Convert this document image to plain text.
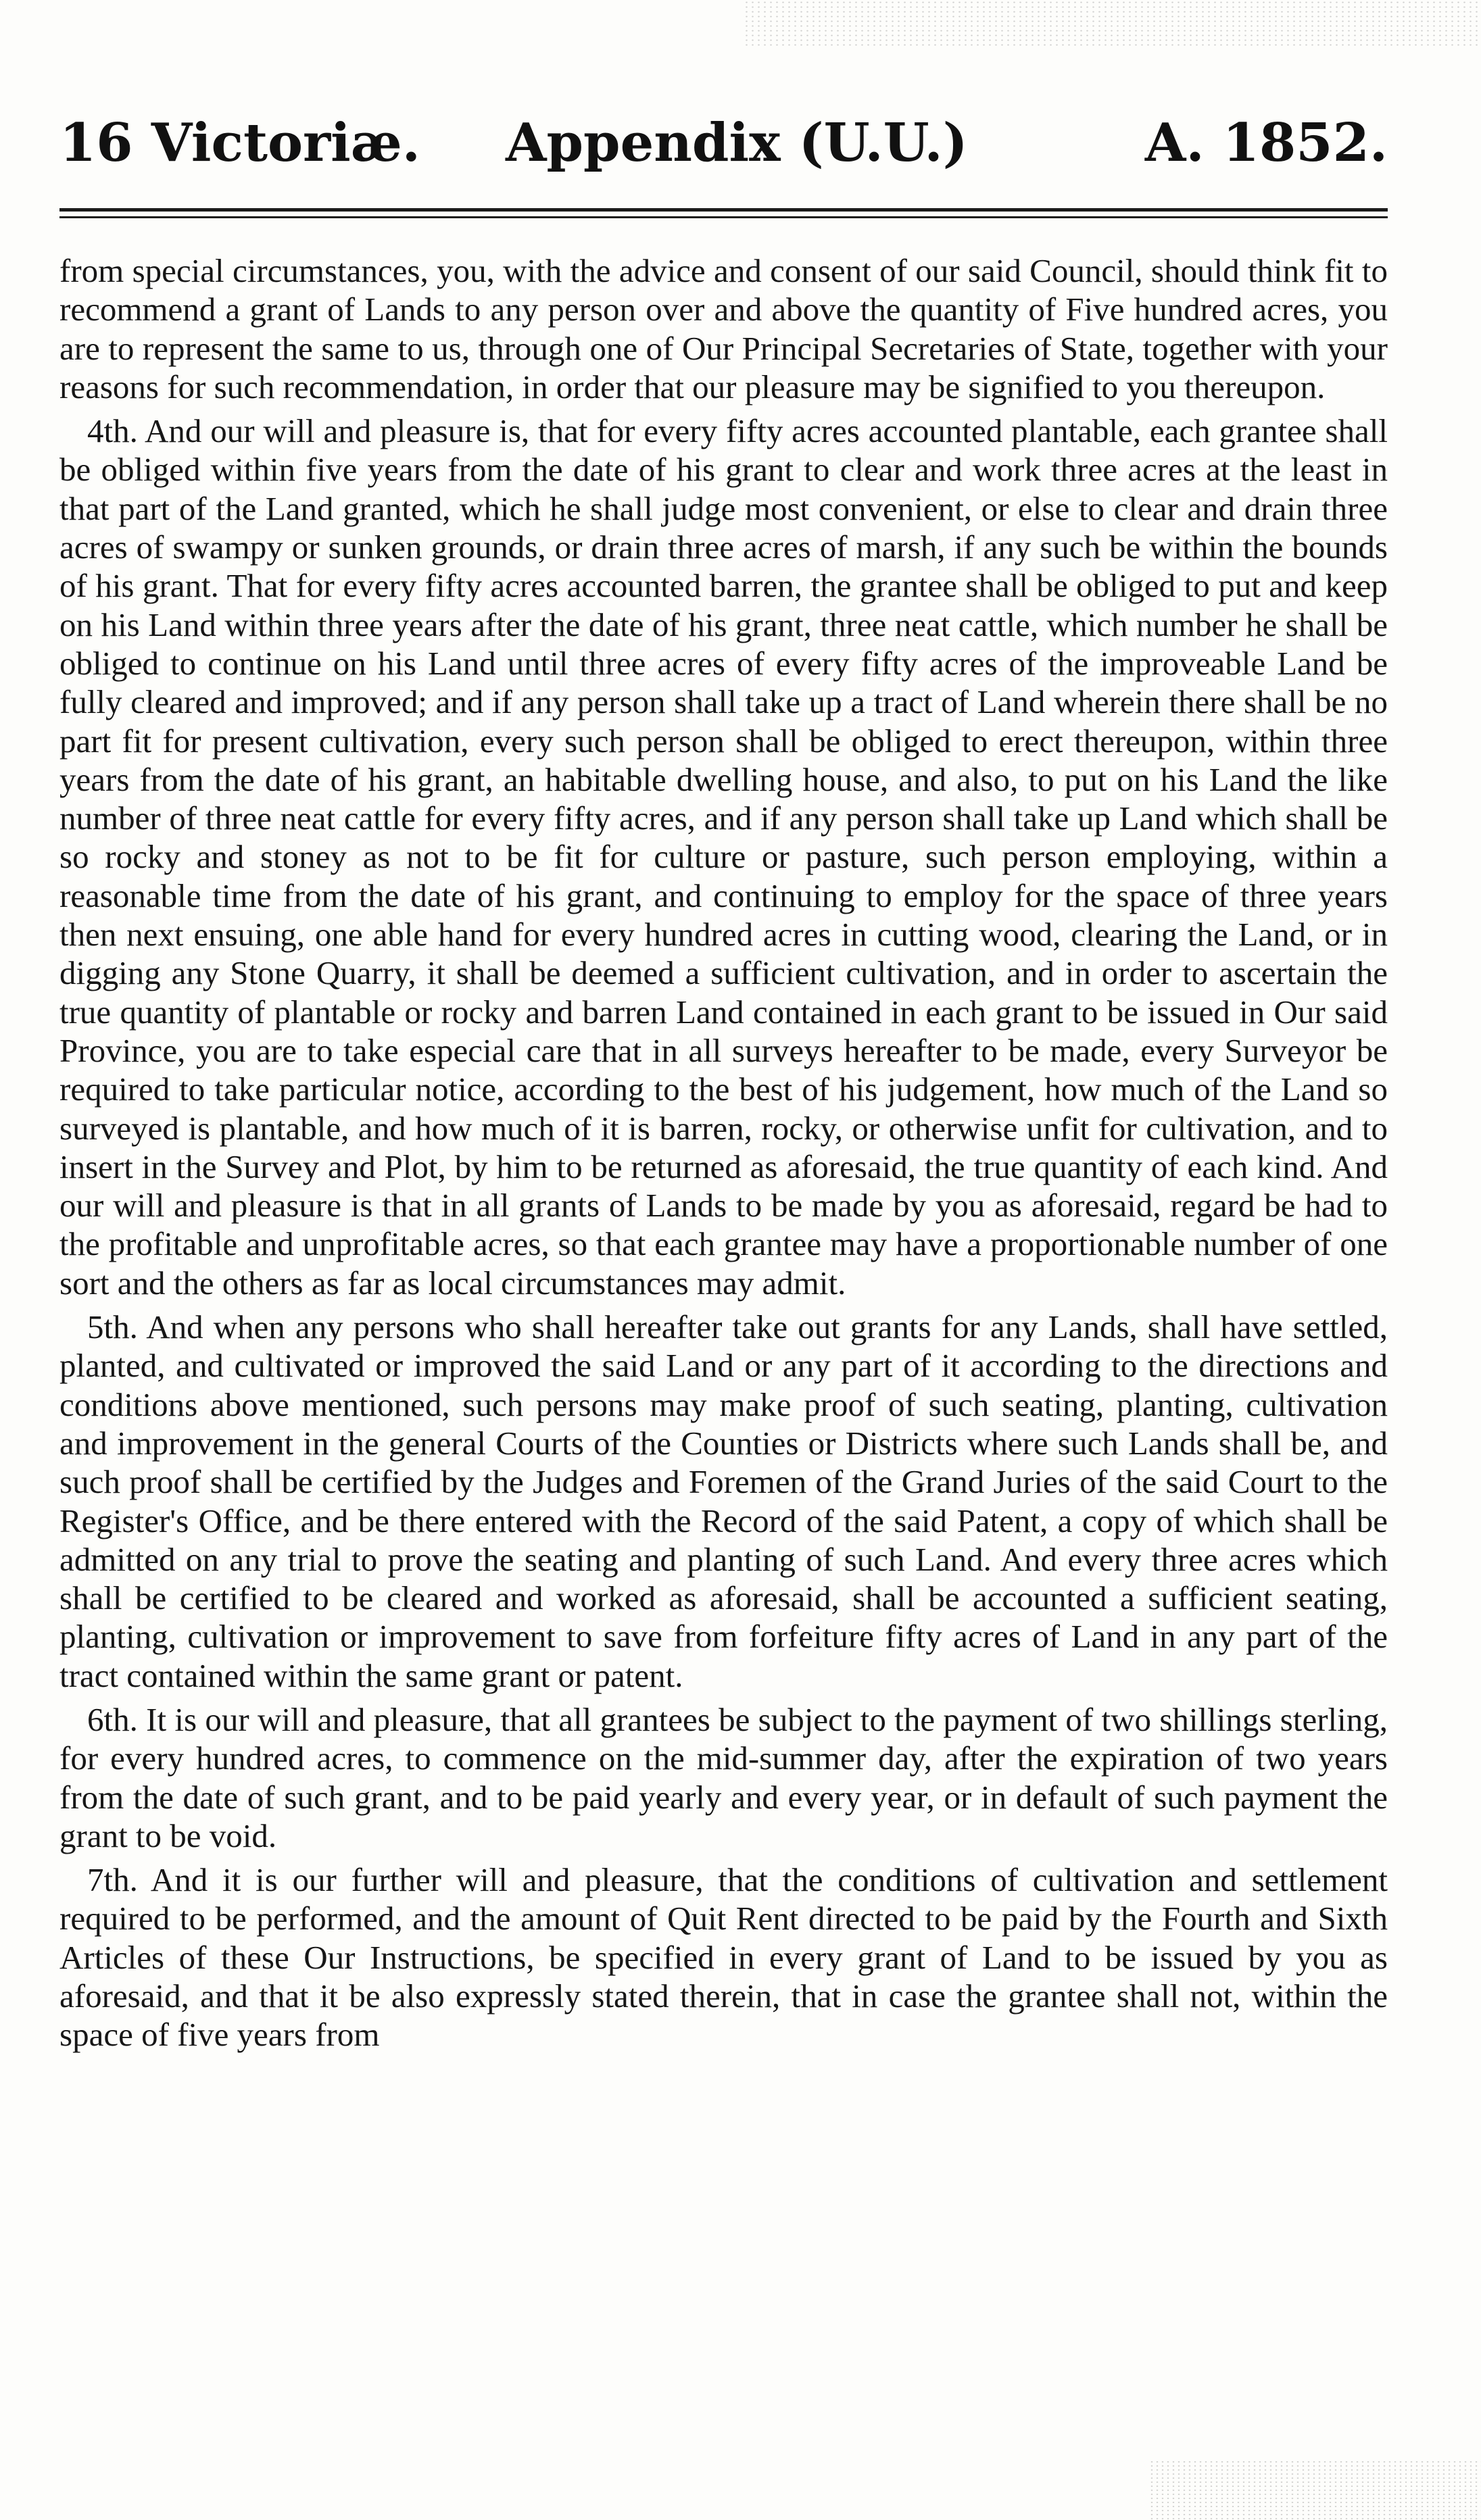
16 Victoriæ. Appendix (U.U.)	A. 1852.

from special circumstances, you, with the advice and consent of our said Council, should think fit to recommend a grant of Lands to any person over and above the quantity of Five hundred acres, you are to represent the same to us, through one of Our Principal Secretaries of State, together with your reasons for such recommendation, in order that our pleasure may be signified to you thereupon.

4th. And our will and pleasure is, that for every fifty acres accounted plantable, each grantee shall be obliged within five years from the date of his grant to clear and work three acres at the least in that part of the Land granted, which he shall judge most convenient, or else to clear and drain three acres of swampy or sunken grounds, or drain three acres of marsh, if any such be within the bounds of his grant. That for every fifty acres accounted barren, the grantee shall be obliged to put and keep on his Land within three years after the date of his grant, three neat cattle, which number he shall be obliged to continue on his Land until three acres of every fifty acres of the improveable Land be fully cleared and improved; and if any person shall take up a tract of Land wherein there shall be no part fit for present cultivation, every such person shall be obliged to erect thereupon, within three years from the date of his grant, an habitable dwelling house, and also, to put on his Land the like number of three neat cattle for every fifty acres, and if any person shall take up Land which shall be so rocky and stoney as not to be fit for culture or pasture, such person employing, within a reasonable time from the date of his grant, and continuing to employ for the space of three years then next ensuing, one able hand for every hundred acres in cutting wood, clearing the Land, or in digging any Stone Quarry, it shall be deemed a sufficient cultivation, and in order to ascertain the true quantity of plantable or rocky and barren Land contained in each grant to be issued in Our said Province, you are to take especial care that in all surveys hereafter to be made, every Surveyor be required to take particular notice, according to the best of his judgement, how much of the Land so surveyed is plantable, and how much of it is barren, rocky, or otherwise unfit for cultivation, and to insert in the Survey and Plot, by him to be returned as aforesaid, the true quantity of each kind. And our will and pleasure is that in all grants of Lands to be made by you as aforesaid, regard be had to the profitable and unprofitable acres, so that each grantee may have a proportionable number of one sort and the others as far as local circumstances may admit.

5th. And when any persons who shall hereafter take out grants for any Lands, shall have settled, planted, and cultivated or improved the said Land or any part of it according to the directions and conditions above mentioned, such persons may make proof of such seating, planting, cultivation and improvement in the general Courts of the Counties or Districts where such Lands shall be, and such proof shall be certified by the Judges and Foremen of the Grand Juries of the said Court to the Register's Office, and be there entered with the Record of the said Patent, a copy of which shall be admitted on any trial to prove the seating and planting of such Land. And every three acres which shall be certified to be cleared and worked as aforesaid, shall be accounted a sufficient seating, planting, cultivation or improvement to save from forfeiture fifty acres of Land in any part of the tract contained within the same grant or patent.

6th. It is our will and pleasure, that all grantees be subject to the payment of two shillings sterling, for every hundred acres, to commence on the mid-summer day, after the expiration of two years from the date of such grant, and to be paid yearly and every year, or in default of such payment the grant to be void.

7th. And it is our further will and pleasure, that the conditions of cultivation and settlement required to be performed, and the amount of Quit Rent directed to be paid by the Fourth and Sixth Articles of these Our Instructions, be specified in every grant of Land to be issued by you as aforesaid, and that it be also expressly stated therein, that in case the grantee shall not, within the space of five years from
